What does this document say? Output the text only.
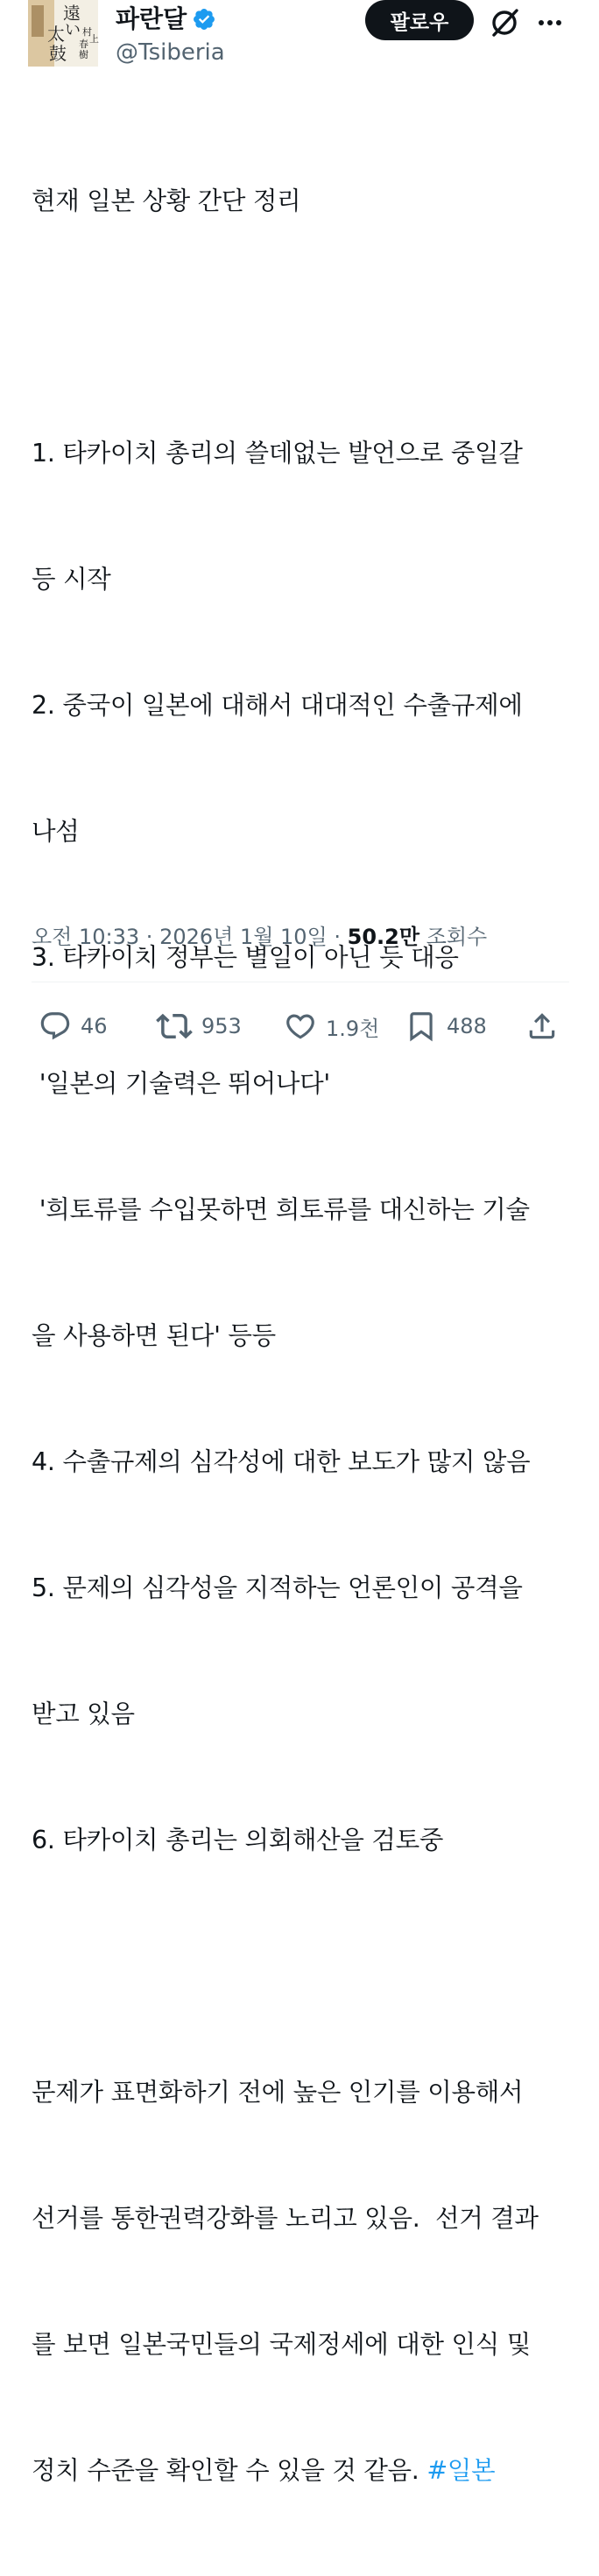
遠
い
太
鼓
村
上
春
樹
파란달
@Tsiberia
팔로우

현재 일본 상황 간단 정리

1. 타카이치 총리의 쓸데없는 발언으로 중일갈

등 시작

2. 중국이 일본에 대해서 대대적인 수출규제에

나섬

3. 타카이치 정부는 별일이 아닌 듯 대응

'일본의 기술력은 뛰어나다'

'희토류를 수입못하면 희토류를 대신하는 기술

을 사용하면 된다' 등등

4. 수출규제의 심각성에 대한 보도가 많지 않음

5. 문제의 심각성을 지적하는 언론인이 공격을

받고 있음

6. 타카이치 총리는 의회해산을 검토중

문제가 표면화하기 전에 높은 인기를 이용해서

선거를 통한권력강화를 노리고 있음.  선거 결과

를 보면 일본국민들의 국제정세에 대한 인식 및

정치 수준을 확인할 수 있을 것 같음. #일본

오전 10:33 · 2026년 1월 10일 · 50.2만 조회수
46	953	1.9천	488
